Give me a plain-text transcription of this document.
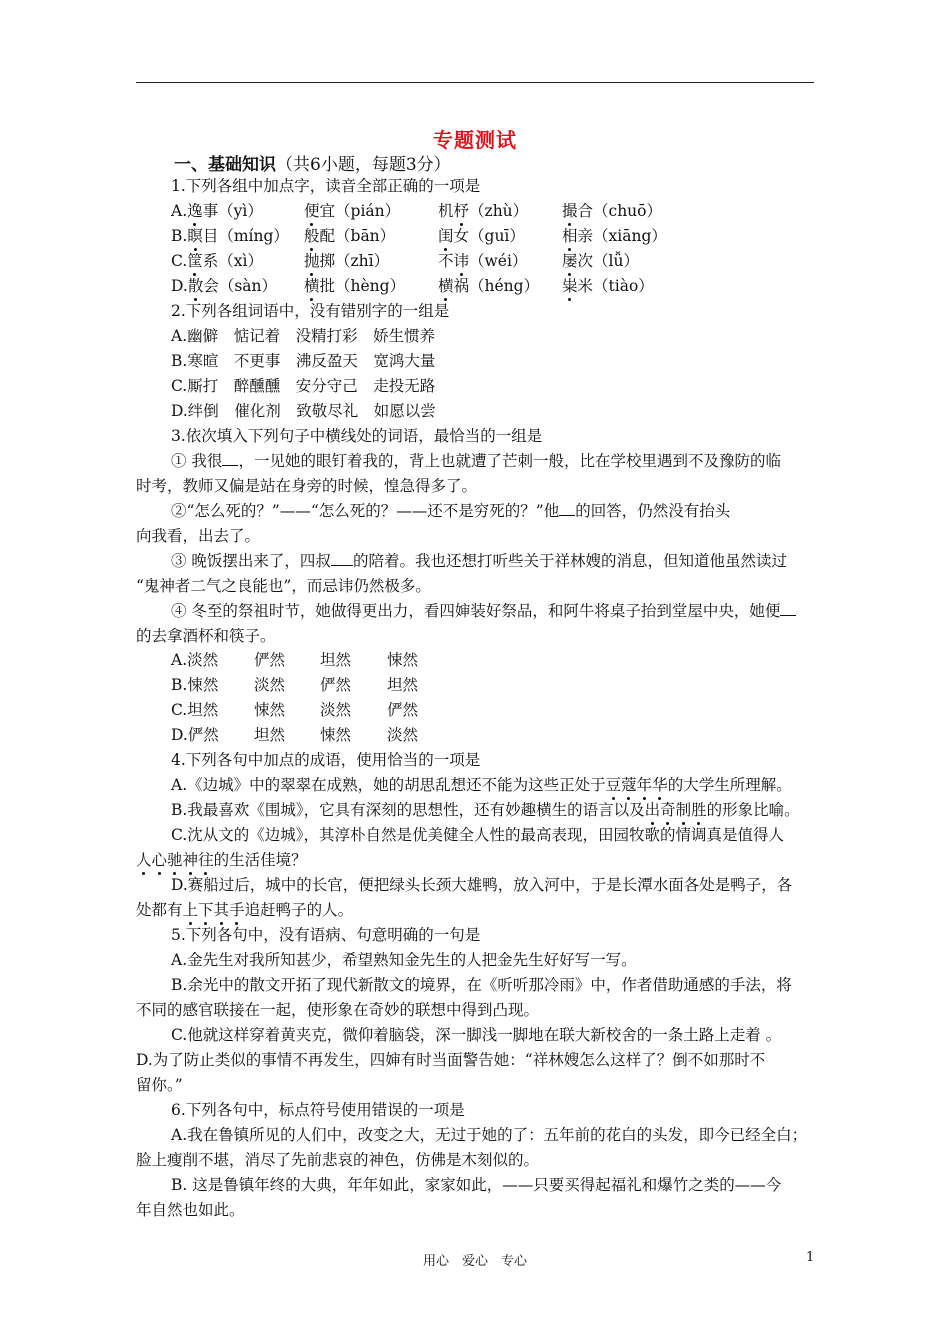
专题测试
一、基础知识（共6小题，每题3分）
1.下列各组中加点字，读音全部正确的一项是
A.逸事（yì）	便宜（pián） 机杼（zhù） 撮合（chuō）
B.瞑目（míng） 般配（bān）	闺女（guī） 相亲（xiāng）
C.筐系（xì）	抛掷（zhī）	不讳（wéi） 屡次（lǚ）
D.散会（sàn） 横批（hèng） 横祸（héng） 粜米（tiào）
2.下列各组词语中，没有错别字的一组是
A.幽僻　惦记着　没精打彩　娇生惯养
B.寒暄　不更事　沸反盈天　宽鸿大量
C.厮打　醉醺醺　安分守己　走投无路
D.绊倒　催化剂　致敬尽礼　如愿以尝
3.依次填入下列句子中横线处的词语，最恰当的一组是
① 我很 ，一见她的眼钉着我的，背上也就遭了芒刺一般，比在学校里遇到不及豫防的临
时考，教师又偏是站在身旁的时候，惶急得多了。
②“怎么死的？”——“怎么死的？——还不是穷死的？”他 的回答，仍然没有抬头
向我看，出去了。
③ 晚饭摆出来了，四叔 的陪着。我也还想打听些关于祥林嫂的消息，但知道他虽然读过
“鬼神者二气之良能也”，而忌讳仍然极多。
④ 冬至的祭祖时节，她做得更出力，看四婶装好祭品，和阿牛将桌子抬到堂屋中央，她便
的去拿酒杯和筷子。
A.淡然 俨然 坦然 悚然
B.悚然 淡然 俨然 坦然
C.坦然 悚然 淡然 俨然
D.俨然 坦然 悚然 淡然
4.下列各句中加点的成语，使用恰当的一项是
A.《边城》中的翠翠在成熟，她的胡思乱想还不能为这些正处于豆蔻年华的大学生所理解。
B.我最喜欢《围城》，它具有深刻的思想性，还有妙趣横生的语言以及出奇制胜的形象比喻。
C.沈从文的《边城》，其淳朴自然是优美健全人性的最高表现，田园牧歌的情调真是值得人
人心驰神往的生活佳境？
D.赛船过后，城中的长官，便把绿头长颈大雄鸭，放入河中，于是长潭水面各处是鸭子，各
处都有上下其手追赶鸭子的人。
5.下列各句中，没有语病、句意明确的一句是
A.金先生对我所知甚少，希望熟知金先生的人把金先生好好写一写。
B.余光中的散文开拓了现代新散文的境界，在《听听那冷雨》中，作者借助通感的手法，将
不同的感官联接在一起，使形象在奇妙的联想中得到凸现。
C.他就这样穿着黄夹克，微仰着脑袋，深一脚浅一脚地在联大新校舍的一条土路上走着 。
D.为了防止类似的事情不再发生，四婶有时当面警告她：“祥林嫂怎么这样了？倒不如那时不
留你。”
6.下列各句中，标点符号使用错误的一项是
A.我在鲁镇所见的人们中，改变之大，无过于她的了：五年前的花白的头发，即今已经全白；
脸上瘦削不堪，消尽了先前悲哀的神色，仿佛是木刻似的。
B. 这是鲁镇年终的大典，年年如此，家家如此，——只要买得起福礼和爆竹之类的——今
年自然也如此。
用心　爱心　专心	1
